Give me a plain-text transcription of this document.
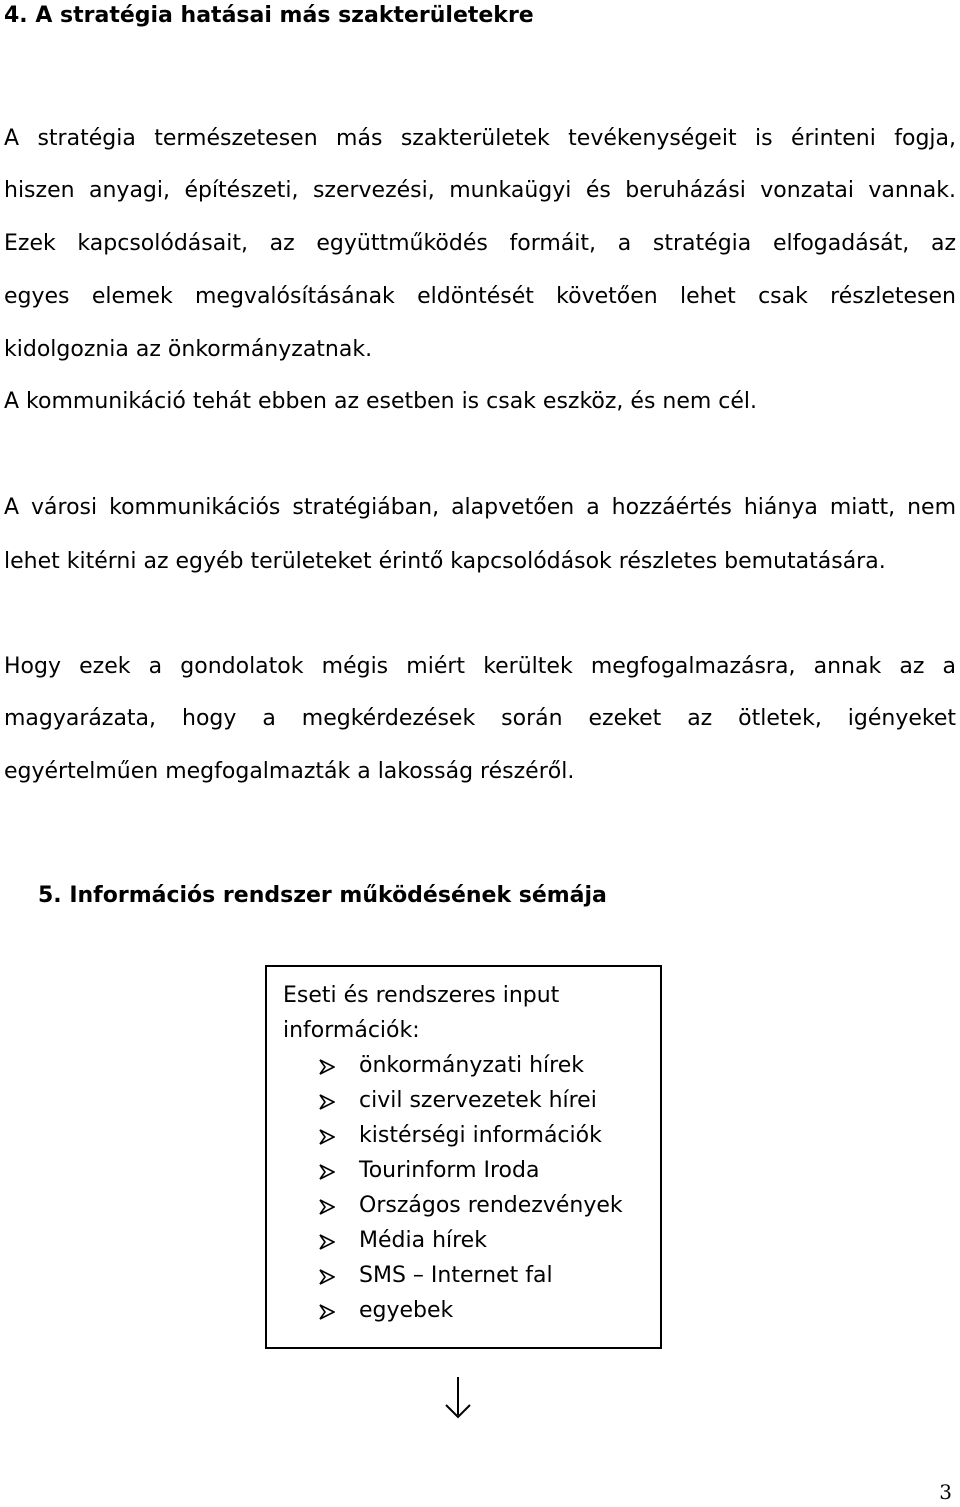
4. A stratégia hatásai más szakterületekre
A stratégia természetesen más szakterületek tevékenységeit is érinteni fogja,
hiszen anyagi, építészeti, szervezési, munkaügyi és beruházási vonzatai vannak.
Ezek kapcsolódásait, az együttműködés formáit, a stratégia elfogadását, az
egyes elemek megvalósításának eldöntését követően lehet csak részletesen
kidolgoznia az önkormányzatnak.
A kommunikáció tehát ebben az esetben is csak eszköz, és nem cél.
A városi kommunikációs stratégiában, alapvetően a hozzáértés hiánya miatt, nem
lehet kitérni az egyéb területeket érintő kapcsolódások részletes bemutatására.
Hogy ezek a gondolatok mégis miért kerültek megfogalmazásra, annak az a
magyarázata, hogy a megkérdezések során ezeket az ötletek, igényeket
egyértelműen megfogalmazták a lakosság részéről.
5. Információs rendszer működésének sémája
Eseti és rendszeres input
információk:
önkormányzati hírek
civil szervezetek hírei
kistérségi információk
Tourinform Iroda
Országos rendezvények
Média hírek
SMS – Internet fal
egyebek
3
